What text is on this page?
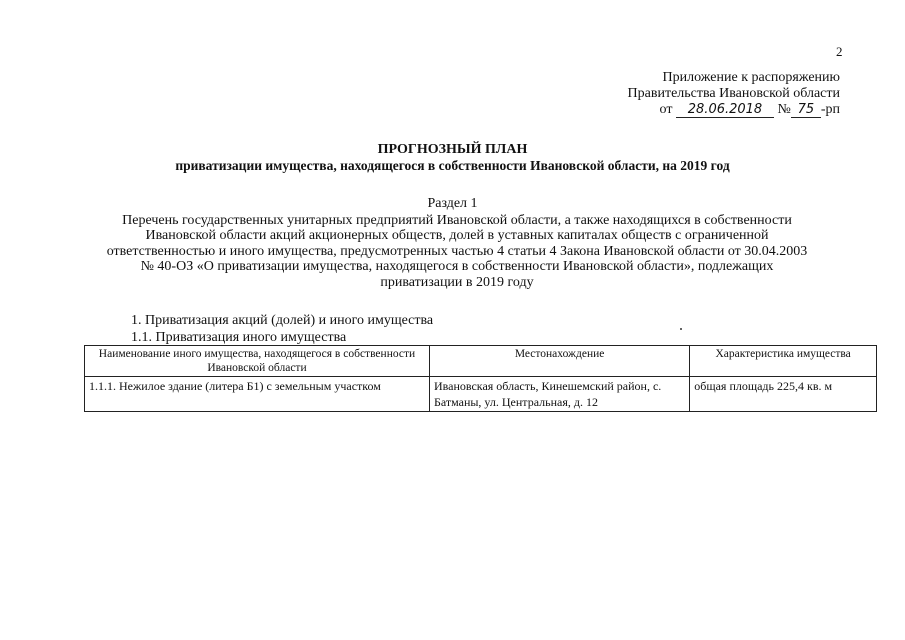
2
Приложение к распоряжению
Правительства Ивановской области
от 28.06.2018 № 75 -рп
ПРОГНОЗНЫЙ ПЛАН
приватизации имущества, находящегося в собственности Ивановской области, на 2019 год
Раздел 1
Перечень государственных унитарных предприятий Ивановской области, а также находящихся в собственности Ивановской области акций акционерных обществ, долей в уставных капиталах обществ с ограниченной ответственностью и иного имущества, предусмотренных частью 4 статьи 4 Закона Ивановской области от 30.04.2003 № 40-ОЗ «О приватизации имущества, находящегося в собственности Ивановской области», подлежащих приватизации в 2019 году
1. Приватизация акций (долей) и иного имущества
1.1. Приватизация иного имущества
Наименование иного имущества, находящегося в собственности Ивановской области	Местонахождение	Характеристика имущества
1.1.1. Нежилое здание (литера Б1) с земельным участком	Ивановская область, Кинешемский район, с. Батманы, ул. Центральная, д. 12	общая площадь 225,4 кв. м
